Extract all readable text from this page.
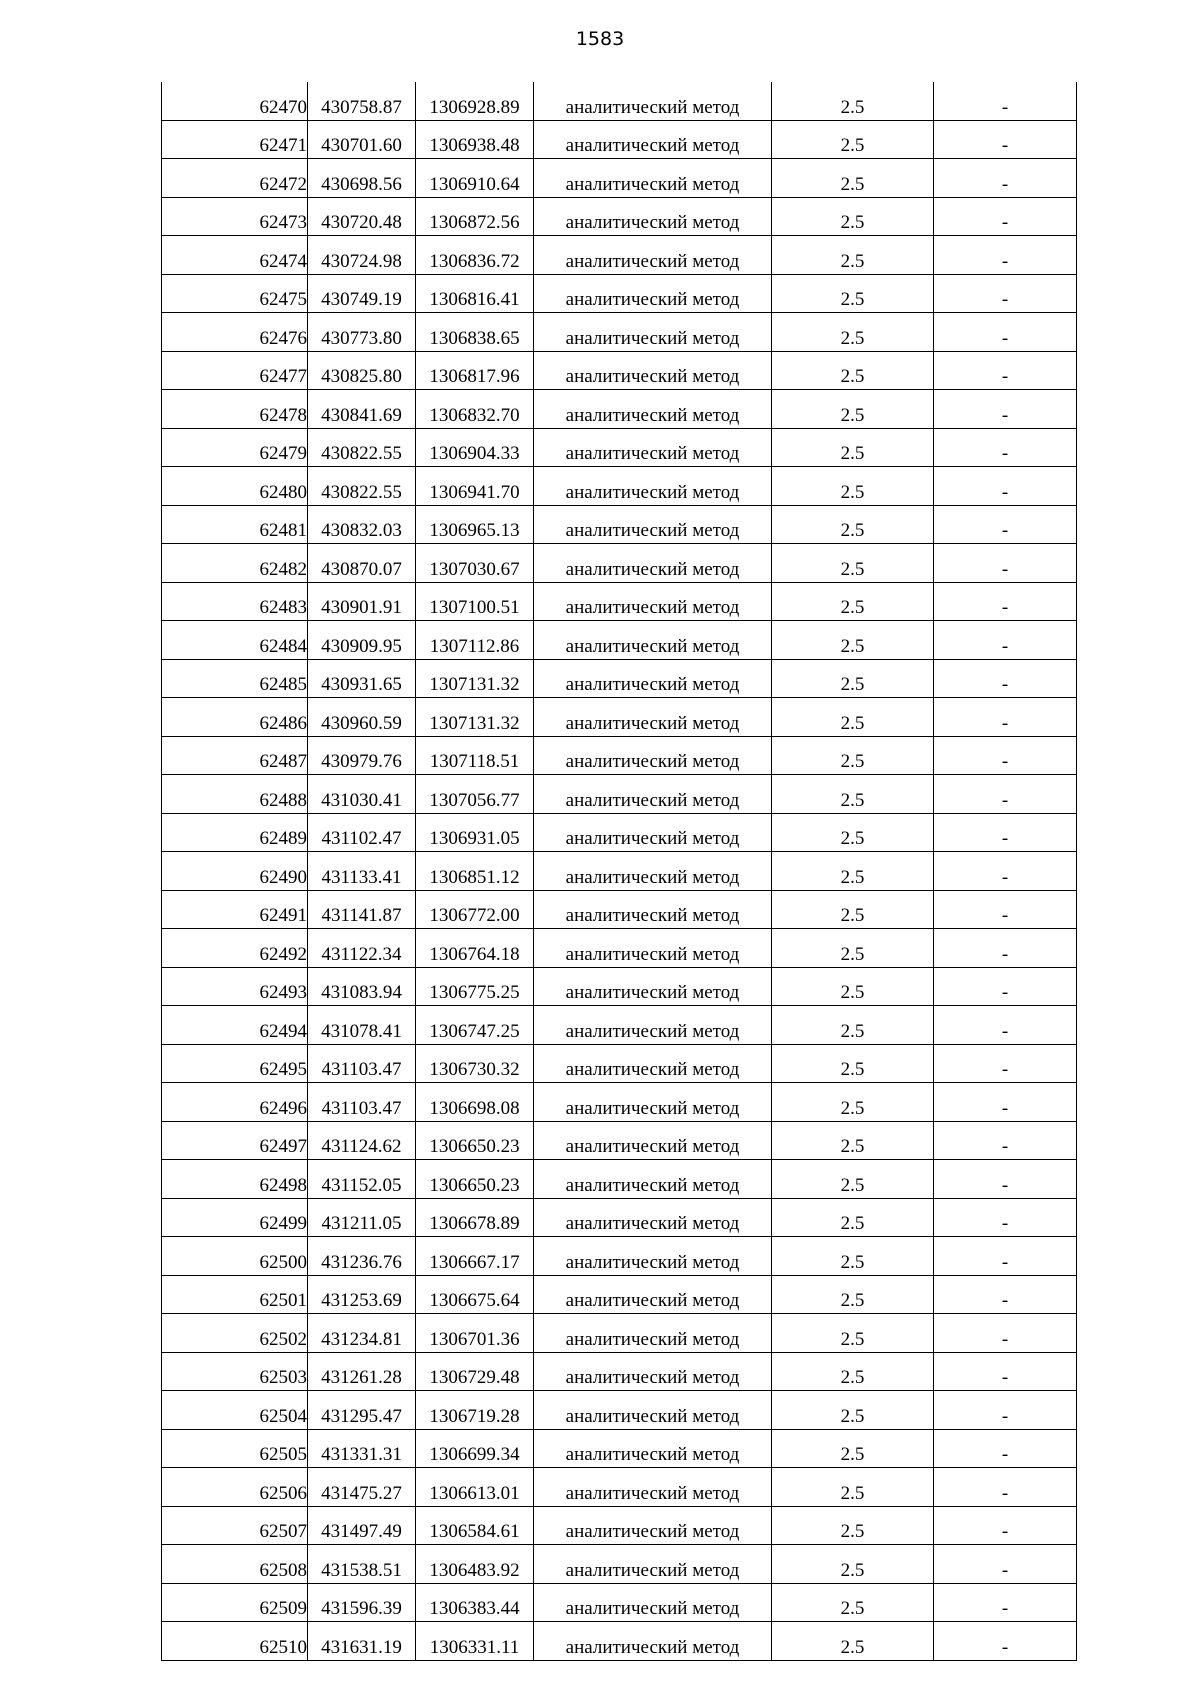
1583
62470	430758.87	1306928.89	аналитический метод	2.5	-
62471	430701.60	1306938.48	аналитический метод	2.5	-
62472	430698.56	1306910.64	аналитический метод	2.5	-
62473	430720.48	1306872.56	аналитический метод	2.5	-
62474	430724.98	1306836.72	аналитический метод	2.5	-
62475	430749.19	1306816.41	аналитический метод	2.5	-
62476	430773.80	1306838.65	аналитический метод	2.5	-
62477	430825.80	1306817.96	аналитический метод	2.5	-
62478	430841.69	1306832.70	аналитический метод	2.5	-
62479	430822.55	1306904.33	аналитический метод	2.5	-
62480	430822.55	1306941.70	аналитический метод	2.5	-
62481	430832.03	1306965.13	аналитический метод	2.5	-
62482	430870.07	1307030.67	аналитический метод	2.5	-
62483	430901.91	1307100.51	аналитический метод	2.5	-
62484	430909.95	1307112.86	аналитический метод	2.5	-
62485	430931.65	1307131.32	аналитический метод	2.5	-
62486	430960.59	1307131.32	аналитический метод	2.5	-
62487	430979.76	1307118.51	аналитический метод	2.5	-
62488	431030.41	1307056.77	аналитический метод	2.5	-
62489	431102.47	1306931.05	аналитический метод	2.5	-
62490	431133.41	1306851.12	аналитический метод	2.5	-
62491	431141.87	1306772.00	аналитический метод	2.5	-
62492	431122.34	1306764.18	аналитический метод	2.5	-
62493	431083.94	1306775.25	аналитический метод	2.5	-
62494	431078.41	1306747.25	аналитический метод	2.5	-
62495	431103.47	1306730.32	аналитический метод	2.5	-
62496	431103.47	1306698.08	аналитический метод	2.5	-
62497	431124.62	1306650.23	аналитический метод	2.5	-
62498	431152.05	1306650.23	аналитический метод	2.5	-
62499	431211.05	1306678.89	аналитический метод	2.5	-
62500	431236.76	1306667.17	аналитический метод	2.5	-
62501	431253.69	1306675.64	аналитический метод	2.5	-
62502	431234.81	1306701.36	аналитический метод	2.5	-
62503	431261.28	1306729.48	аналитический метод	2.5	-
62504	431295.47	1306719.28	аналитический метод	2.5	-
62505	431331.31	1306699.34	аналитический метод	2.5	-
62506	431475.27	1306613.01	аналитический метод	2.5	-
62507	431497.49	1306584.61	аналитический метод	2.5	-
62508	431538.51	1306483.92	аналитический метод	2.5	-
62509	431596.39	1306383.44	аналитический метод	2.5	-
62510	431631.19	1306331.11	аналитический метод	2.5	-
